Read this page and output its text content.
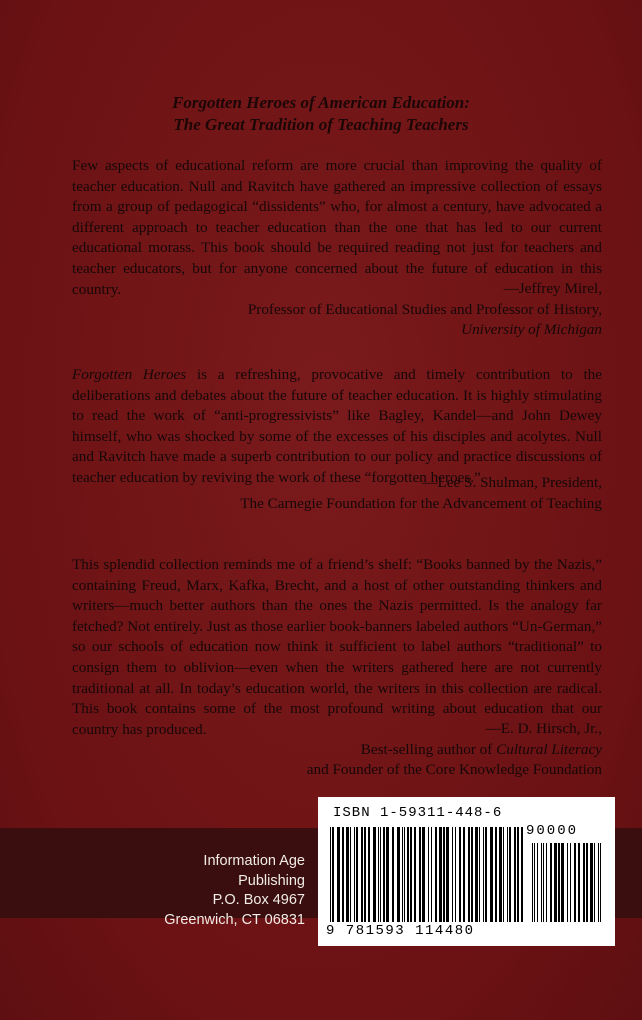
Forgotten Heroes of American Education:
The Great Tradition of Teaching Teachers
Few aspects of educational reform are more crucial than improving the quality of teacher education. Null and Ravitch have gathered an impressive collection of essays from a group of pedagogical “dissidents” who, for almost a century, have advocated a different approach to teacher education than the one that has led to our current educational morass. This book should be required reading not just for teachers and teacher educators, but for anyone concerned about the future of education in this country.	—Jeffrey Mirel,
Professor of Educational Studies and Professor of History,
University of Michigan
Forgotten Heroes is a refreshing, provocative and timely contribution to the deliberations and debates about the future of teacher education. It is highly stimulating to read the work of “anti-progressivists” like Bagley, Kandel—and John Dewey himself, who was shocked by some of the excesses of his disciples and acolytes. Null and Ravitch have made a superb contribution to our policy and practice discussions of teacher education by reviving the work of these “forgotten heroes.”
—Lee S. Shulman, President,
The Carnegie Foundation for the Advancement of Teaching
This splendid collection reminds me of a friend’s shelf: “Books banned by the Nazis,” containing Freud, Marx, Kafka, Brecht, and a host of other outstanding thinkers and writers—much better authors than the ones the Nazis permitted. Is the analogy far fetched? Not entirely. Just as those earlier book-banners labeled authors “Un-German,” so our schools of education now think it sufficient to label authors “traditional” to consign them to oblivion—even when the writers gathered here are not currently traditional at all. In today’s education world, the writers in this collection are radical. This book contains some of the most profound writing about education that our country has produced.	—E. D. Hirsch, Jr.,
Best-selling author of Cultural Literacy
and Founder of the Core Knowledge Foundation
Information Age Publishing
P.O. Box 4967
Greenwich, CT 06831
ISBN 1-59311-448-6
90000
9 781593 114480
